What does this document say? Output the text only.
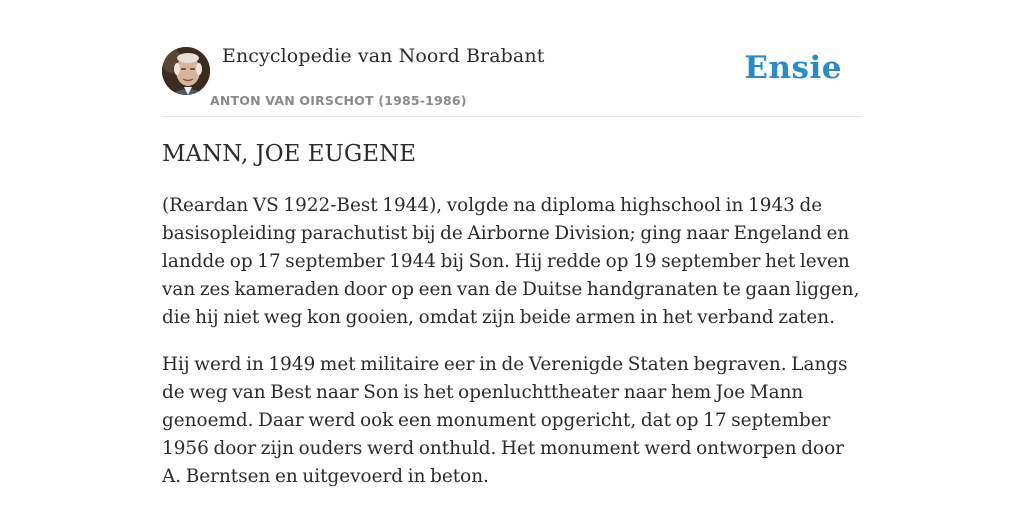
Encyclopedie van Noord Brabant
ANTON VAN OIRSCHOT (1985-1986)
Ensie
MANN, JOE EUGENE

(Reardan VS 1922-Best 1944), volgde na diploma highschool in 1943 de basisopleiding parachutist bij de Airborne Division; ging naar Engeland en landde op 17 september 1944 bij Son. Hij redde op 19 september het leven van zes kameraden door op een van de Duitse handgranaten te gaan liggen, die hij niet weg kon gooien, omdat zijn beide armen in het verband zaten.

Hij werd in 1949 met militaire eer in de Verenigde Staten begraven. Langs de weg van Best naar Son is het openluchttheater naar hem Joe Mann genoemd. Daar werd ook een monument opgericht, dat op 17 september 1956 door zijn ouders werd onthuld. Het monument werd ontworpen door A. Berntsen en uitgevoerd in beton.
